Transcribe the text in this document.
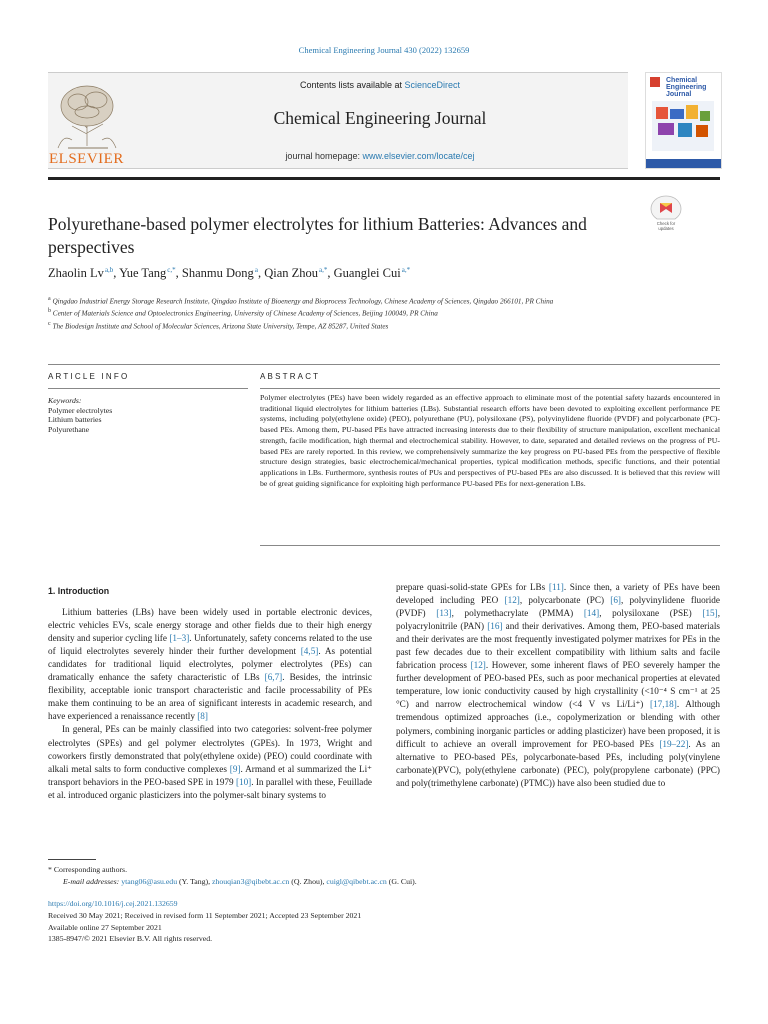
Chemical Engineering Journal 430 (2022) 132659
ELSEVIER
Contents lists available at ScienceDirect
Chemical Engineering Journal
journal homepage: www.elsevier.com/locate/cej
Chemical
Engineering
Journal
Polyurethane-based polymer electrolytes for lithium Batteries: Advances and perspectives
Check for
updates
Zhaolin Lv $^{a,b}$, Yue Tang $^{c,*}$, Shanmu Dong $^a$, Qian Zhou $^{a,*}$, Guanglei Cui $^{a,*}$
$^a$ Qingdao Industrial Energy Storage Research Institute, Qingdao Institute of Bioenergy and Bioprocess Technology, Chinese Academy of Sciences, Qingdao 266101, PR China
$^b$ Center of Materials Science and Optoelectronics Engineering, University of Chinese Academy of Sciences, Beijing 100049, PR China
$^c$ The Biodesign Institute and School of Molecular Sciences, Arizona State University, Tempe, AZ 85287, United States
ARTICLE INFO	ABSTRACT
Keywords:
Polymer electrolytes
Lithium batteries
Polyurethane
Polymer electrolytes (PEs) have been widely regarded as an effective approach to eliminate most of the potential safety hazards encountered in traditional liquid electrolytes for lithium batteries (LBs). Substantial research efforts have been devoted to exploiting excellent performance PE systems, including poly(ethylene oxide) (PEO), polyurethane (PU), polysiloxane (PS), polyvinylidene fluoride (PVDF) and polycarbonate (PC)-based PEs. Among them, PU-based PEs have attracted increasing interests due to their flexibility of structure manipulation, excellent mechanical strength, facile modification, high thermal and electrochemical stability. However, to date, separated and detailed reviews on the progress of PU-based PEs are rarely reported. In this review, we comprehensively summarize the key progress on PU-based PEs from the perspective of flexible structure design strategies, basic electrochemical/mechanical properties, typical modification methods, specific functions, and their potential applications in LBs. Furthermore, synthesis routes of PUs and perspectives of PU-based PEs are also discussed. It is believed that this review will be of great guiding significance for exploiting high performance PU-based PEs for next-generation LBs.

1. Introduction

Lithium batteries (LBs) have been widely used in portable electronic devices, electric vehicles EVs, scale energy storage and other fields due to their high energy density and superior cycling life [1–3]. Unfortunately, safety concerns related to the use of liquid electrolytes severely hinder their further development [4,5]. As potential candidates for traditional liquid electrolytes, polymer electrolytes (PEs) can dramatically enhance the safety characteristic of LBs [6,7]. Besides, the intrinsic flexibility, acceptable ionic transport characteristic and facile processability of PEs make them continuing to be an area of significant interests in academic research, and have experienced a renaissance recently [8]

In general, PEs can be mainly classified into two categories: solvent-free polymer electrolytes (SPEs) and gel polymer electrolytes (GPEs). In 1973, Wright and coworkers firstly demonstrated that poly(ethylene oxide) (PEO) could coordinate with alkali metal salts to form conductive complexes [9]. Armand et al summarized the Li⁺ transport behaviors in the PEO-based SPE in 1979 [10]. In parallel with these, Feuillade et al. introduced organic plasticizers into the polymer-salt binary systems to

prepare quasi-solid-state GPEs for LBs [11]. Since then, a variety of PEs have been developed including PEO [12], polycarbonate (PC) [6], polyvinylidene fluoride (PVDF) [13], polymethacrylate (PMMA) [14], polysiloxane (PSE) [15], polyacrylonitrile (PAN) [16] and their derivatives. Among them, PEO-based materials and their derivates are the most frequently investigated polymer matrixes for PEs in the past few decades due to their excellent compatibility with lithium salts and facile fabrication process [12]. However, some inherent flaws of PEO severely hamper the further development of PEO-based PEs, such as poor mechanical properties at elevated temperature, low ionic conductivity caused by high crystallinity (<10⁻⁴ S cm⁻¹ at 25 °C) and narrow electrochemical window (<4 V vs Li/Li⁺) [17,18]. Although tremendous optimized approaches (i.e., copolymerization or blending with other polymers, combining inorganic particles or adding plasticizer) have been proposed, it is difficult to achieve an overall improvement for PEO-based PEs [19–22]. As an alternative to PEO-based PEs, polycarbonate-based PEs, including poly(vinylene carbonate)(PVC), poly(ethylene carbonate) (PEC), poly(propylene carbonate) (PPC) and poly(trimethylene carbonate) (PTMC)) have also been studied due to

* Corresponding authors.
E-mail addresses: ytang06@asu.edu (Y. Tang), zhouqian3@qibebt.ac.cn (Q. Zhou), cuigl@qibebt.ac.cn (G. Cui).
https://doi.org/10.1016/j.cej.2021.132659
Received 30 May 2021; Received in revised form 11 September 2021; Accepted 23 September 2021
Available online 27 September 2021
1385-8947/© 2021 Elsevier B.V. All rights reserved.
